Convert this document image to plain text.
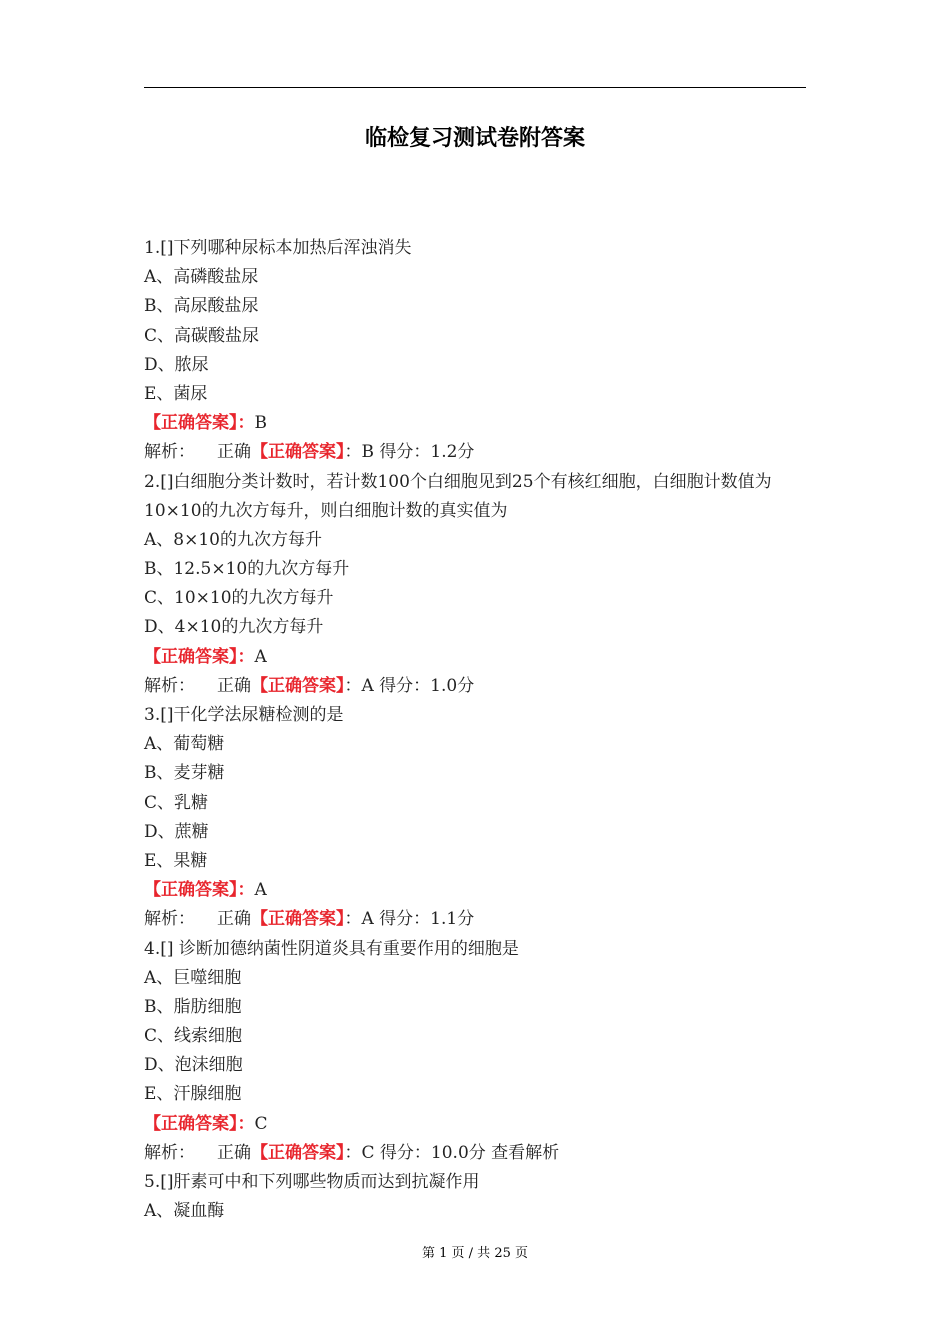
临检复习测试卷附答案
1.[]下列哪种尿标本加热后浑浊消失
A、高磷酸盐尿
B、高尿酸盐尿
C、高碳酸盐尿
D、脓尿
E、菌尿
【正确答案】：B
解析： 正确【正确答案】：B 得分：1.2分
2.[]白细胞分类计数时，若计数100个白细胞见到25个有核红细胞，白细胞计数值为10×10的九次方每升，则白细胞计数的真实值为
A、8×10的九次方每升
B、12.5×10的九次方每升
C、10×10的九次方每升
D、4×10的九次方每升
【正确答案】：A
解析： 正确【正确答案】：A 得分：1.0分
3.[]干化学法尿糖检测的是
A、葡萄糖
B、麦芽糖
C、乳糖
D、蔗糖
E、果糖
【正确答案】：A
解析： 正确【正确答案】：A 得分：1.1分
4.[] 诊断加德纳菌性阴道炎具有重要作用的细胞是
A、巨噬细胞
B、脂肪细胞
C、线索细胞
D、泡沫细胞
E、汗腺细胞
【正确答案】：C
解析： 正确【正确答案】：C 得分：10.0分 查看解析
5.[]肝素可中和下列哪些物质而达到抗凝作用
A、凝血酶
第 1 页 / 共 25 页
